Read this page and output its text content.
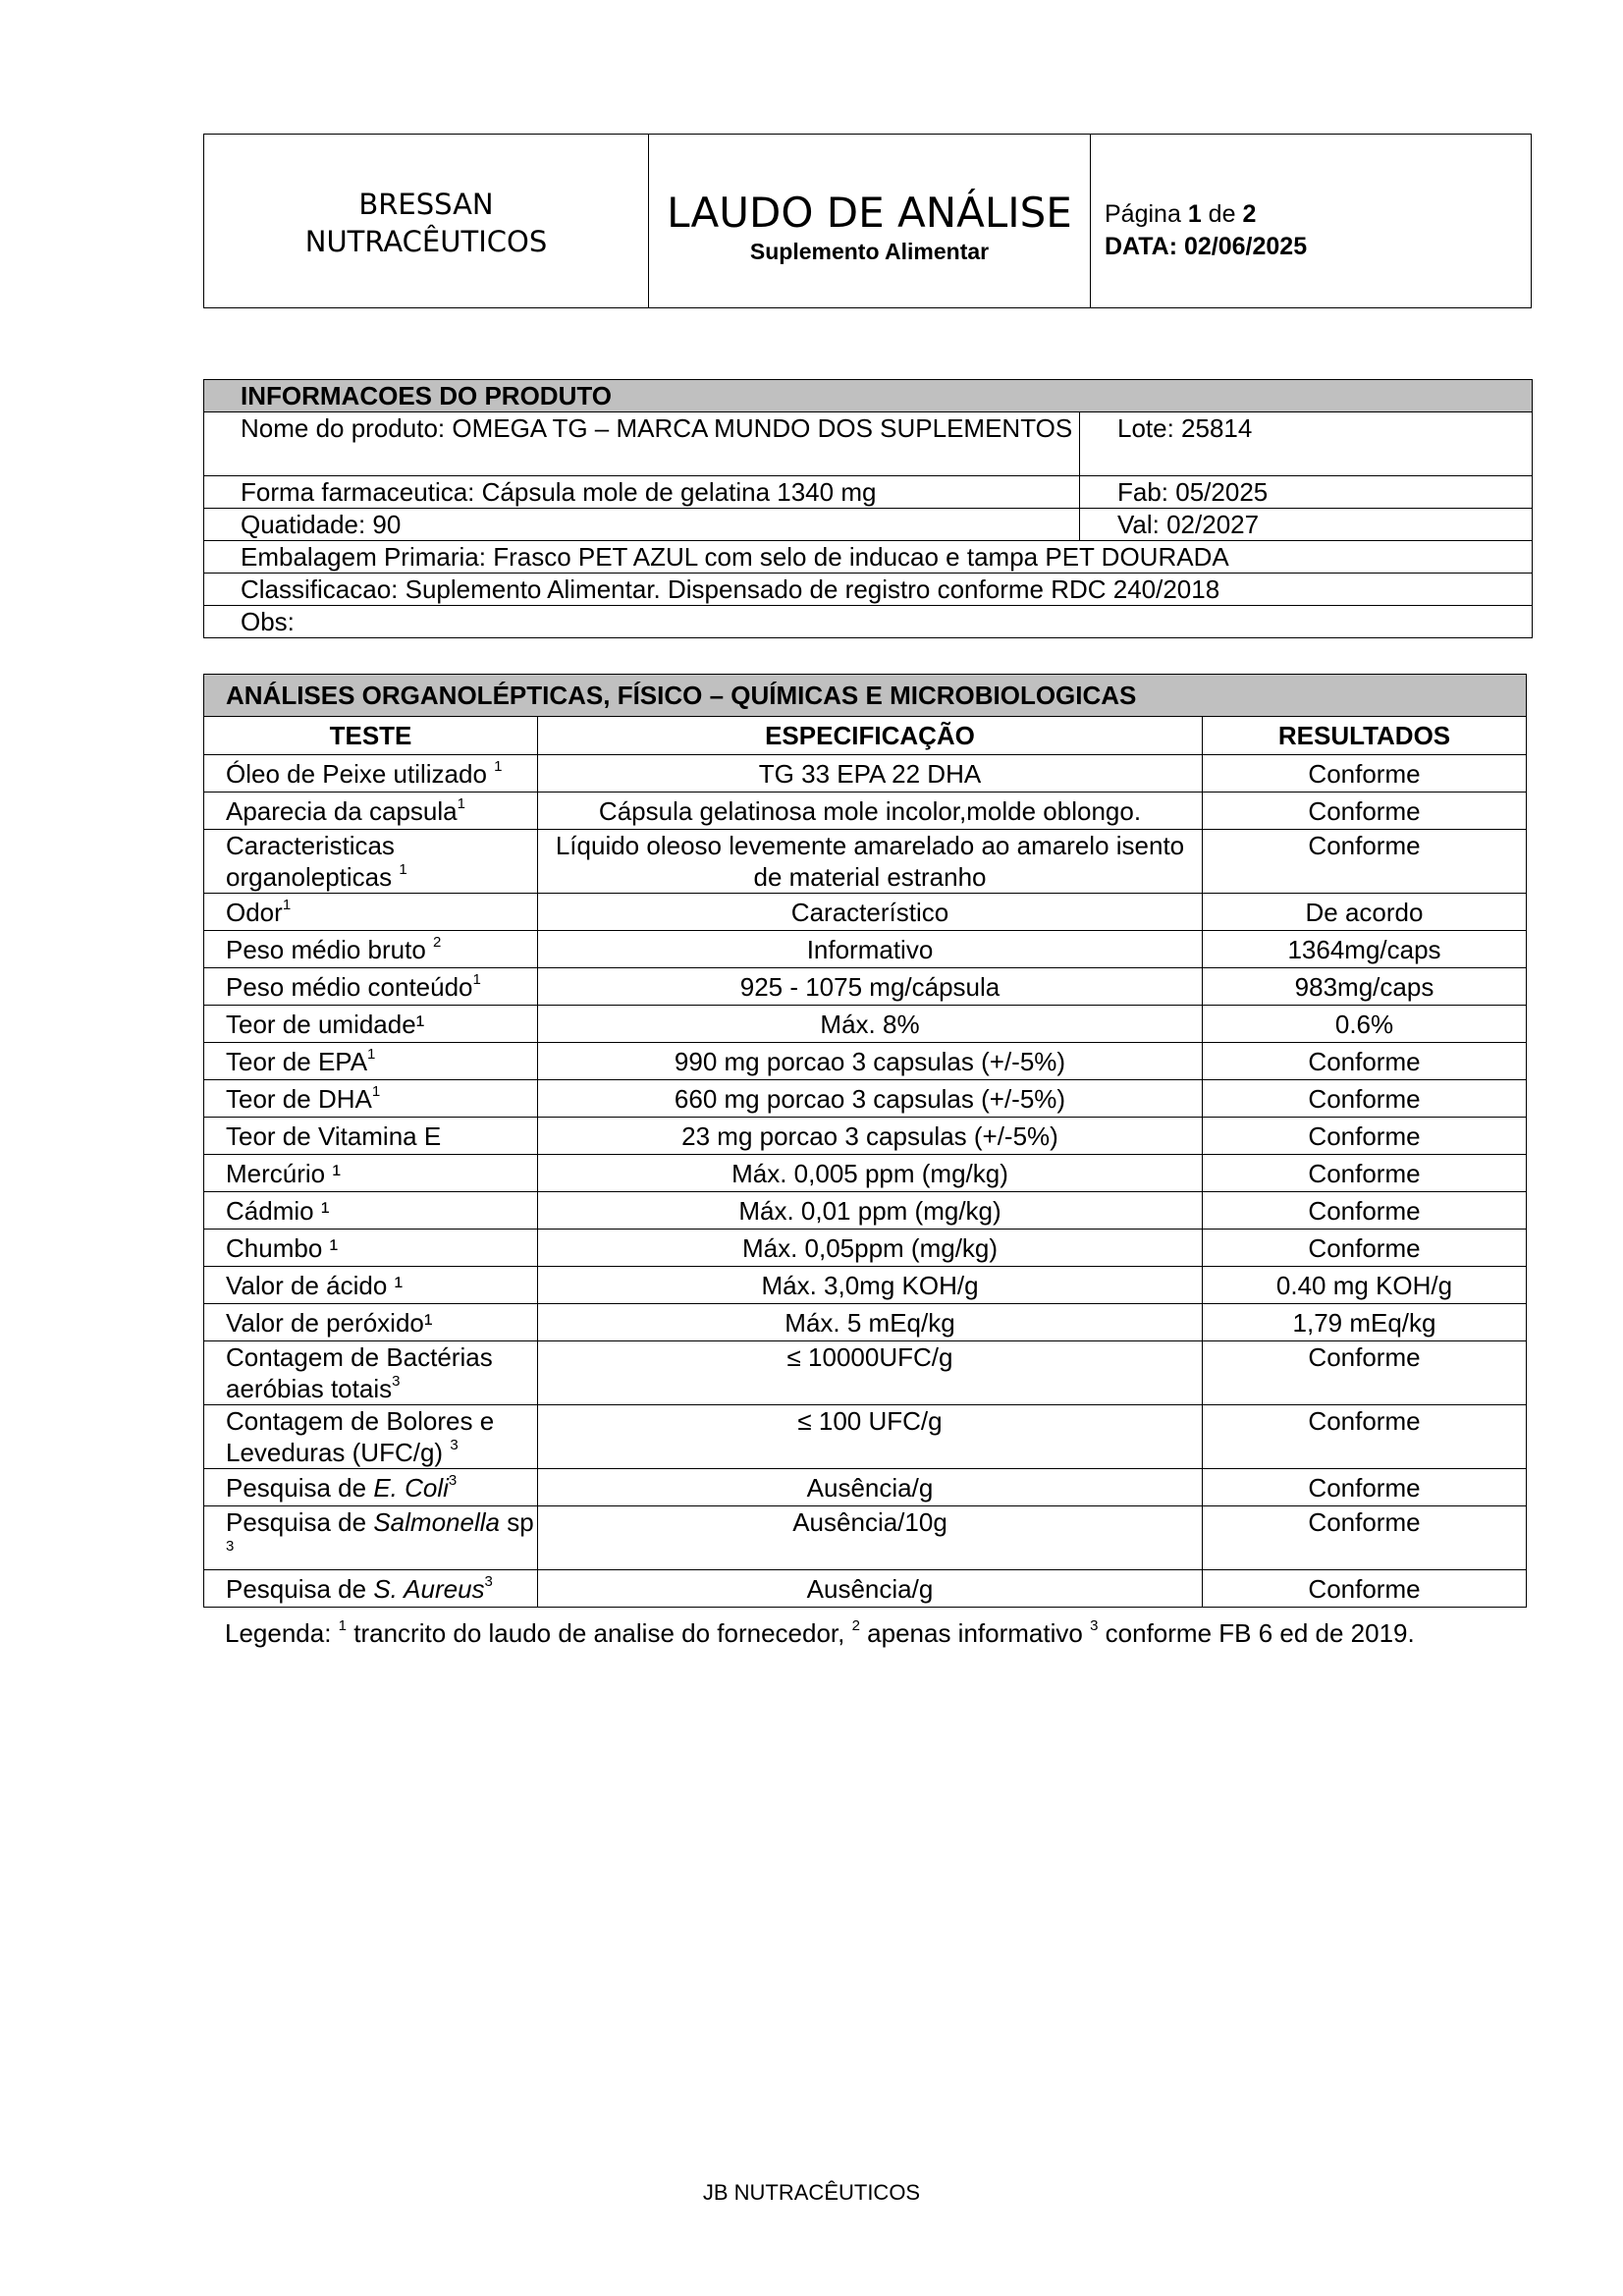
BRESSAN
NUTRACÊUTICOS
LAUDO DE ANÁLISE
Suplemento Alimentar
Página 1 de 2
DATA: 02/06/2025
INFORMACOES DO PRODUTO	
Nome do produto: OMEGA TG – MARCA MUNDO DOS SUPLEMENTOS	Lote: 25814
Forma farmaceutica: Cápsula mole de gelatina 1340 mg	Fab: 05/2025
Quatidade: 90	Val: 02/2027
Embalagem Primaria: Frasco PET AZUL com selo de inducao e tampa PET DOURADA	
Classificacao: Suplemento Alimentar. Dispensado de registro conforme RDC 240/2018	
Obs:	
ANÁLISES ORGANOLÉPTICAS, FÍSICO – QUÍMICAS E MICROBIOLOGICAS		
TESTE	ESPECIFICAÇÃO	RESULTADOS
Óleo de Peixe utilizado $^1$	TG 33 EPA 22 DHA	Conforme
Aparecia da capsula$^1$	Cápsula gelatinosa mole incolor,molde oblongo.	Conforme
Caracteristicas organolepticas $^1$	Líquido oleoso levemente amarelado ao amarelo isento de material estranho	Conforme
Odor$^1$	Característico	De acordo
Peso médio bruto $^2$	Informativo	1364mg/caps
Peso médio conteúdo$^1$	925 - 1075 mg/cápsula	983mg/caps
Teor de umidade¹	Máx. 8%	0.6%
Teor de EPA$^1$	990 mg porcao 3 capsulas (+/-5%)	Conforme
Teor de DHA$^1$	660 mg porcao 3 capsulas (+/-5%)	Conforme
Teor de Vitamina E	23 mg porcao 3 capsulas (+/-5%)	Conforme
Mercúrio ¹	Máx. 0,005 ppm (mg/kg)	Conforme
Cádmio ¹	Máx. 0,01 ppm (mg/kg)	Conforme
Chumbo ¹	Máx. 0,05ppm (mg/kg)	Conforme
Valor de ácido ¹	Máx. 3,0mg KOH/g	0.40 mg KOH/g
Valor de peróxido¹	Máx. 5 mEq/kg	1,79 mEq/kg
Contagem de Bactérias aeróbias totais$^3$	≤ 10000UFC/g	Conforme
Contagem de Bolores e Leveduras (UFC/g) $^3$	≤ 100 UFC/g	Conforme
Pesquisa de E. Coli$^3$	Ausência/g	Conforme
Pesquisa de Salmonella sp $^3$	Ausência/10g	Conforme
Pesquisa de S. Aureus$^3$	Ausência/g	Conforme
Legenda: $^1$ trancrito do laudo de analise do fornecedor, $^2$ apenas informativo $^3$ conforme FB 6 ed de 2019.
JB NUTRACÊUTICOS
